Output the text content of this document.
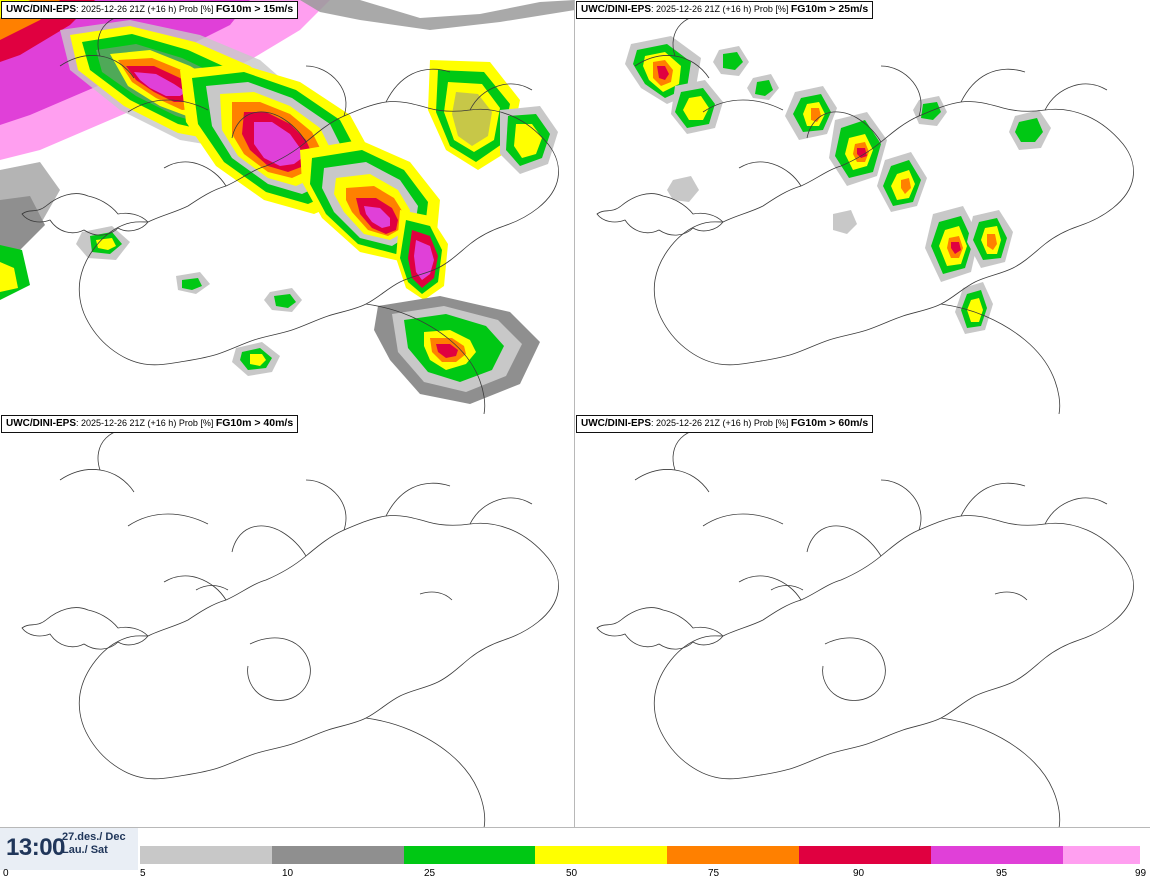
UWC/DINI-EPS: 2025-12-26 21Z (+16 h) Prob [%] FG10m > 15m/s	UWC/DINI-EPS: 2025-12-26 21Z (+16 h) Prob [%] FG10m > 25m/s
UWC/DINI-EPS: 2025-12-26 21Z (+16 h) Prob [%] FG10m > 40m/s	UWC/DINI-EPS: 2025-12-26 21Z (+16 h) Prob [%] FG10m > 60m/s
13:00
27.des./ Dec
Lau./ Sat
0	5	10	25	50	75	90	95	99
